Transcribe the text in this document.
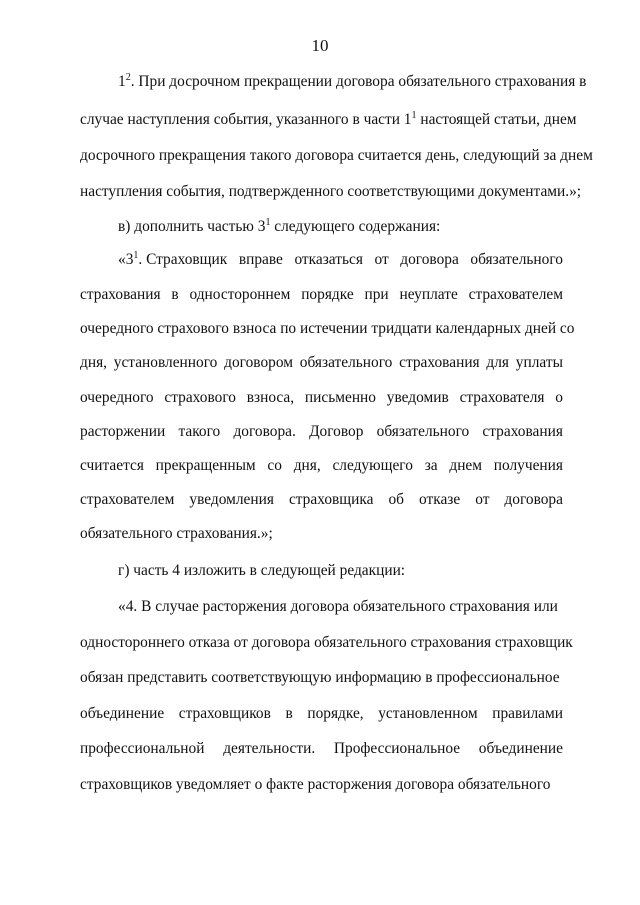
10
$1^2$. При досрочном прекращении договора обязательного страхования в
случае наступления события, указанного в части $1^1$ настоящей статьи, днем
досрочного прекращения такого договора считается день, следующий за днем
наступления события, подтвержденного соответствующими документами.»;
в) дополнить частью $3^1$ следующего содержания:
«$3^1$. Страховщик вправе отказаться от договора обязательного
страхования в одностороннем порядке при неуплате страхователем
очередного страхового взноса по истечении тридцати календарных дней со
дня, установленного договором обязательного страхования для уплаты
очередного страхового взноса, письменно уведомив страхователя о
расторжении такого договора. Договор обязательного страхования
считается прекращенным со дня, следующего за днем получения
страхователем уведомления страховщика об отказе от договора
обязательного страхования.»;
г) часть 4 изложить в следующей редакции:
«4. В случае расторжения договора обязательного страхования или
одностороннего отказа от договора обязательного страхования страховщик
обязан представить соответствующую информацию в профессиональное
объединение страховщиков в порядке, установленном правилами
профессиональной деятельности. Профессиональное объединение
страховщиков уведомляет о факте расторжения договора обязательного
